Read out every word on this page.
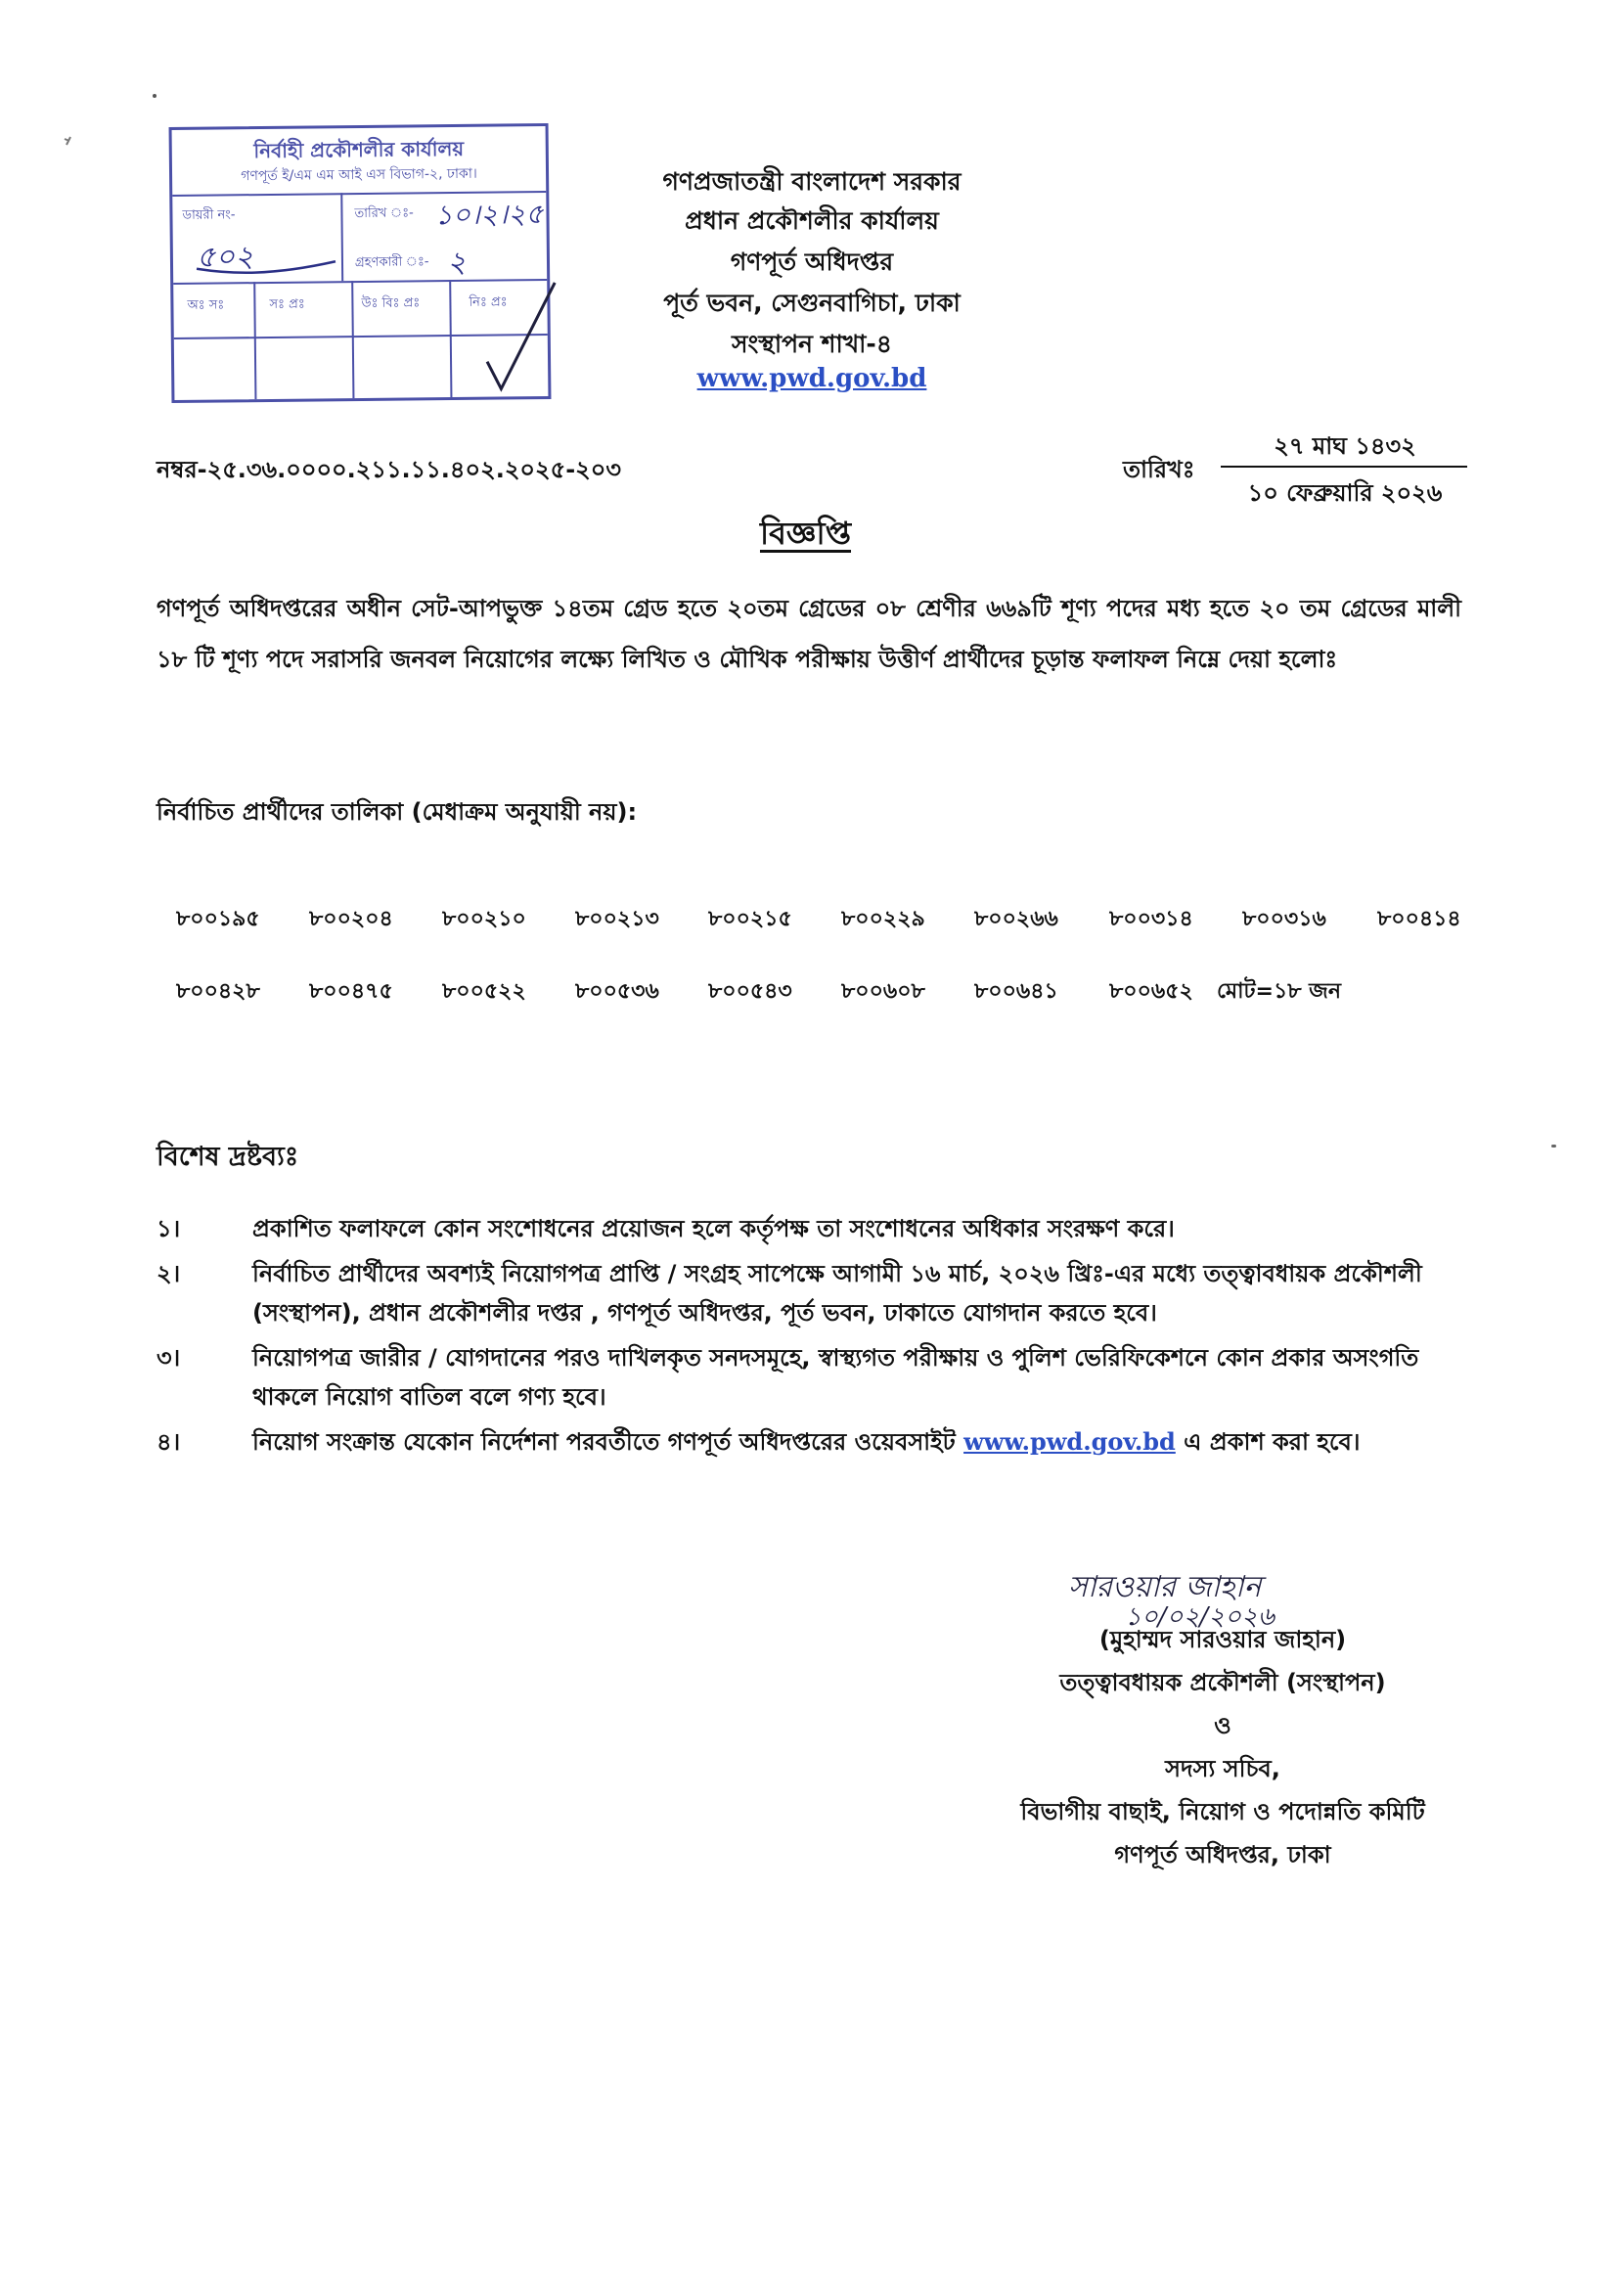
নির্বাহী প্রকৌশলীর কার্যালয়
গণপূর্ত ই/এম এম আই এস বিভাগ-২, ঢাকা।
ডায়রী নং-
৫০২
তারিখ ঃ- ১০।২।২৫
গ্রহণকারী ঃ- ২
অঃ সঃ	সঃ প্রঃ	উঃ বিঃ প্রঃ	নিঃ প্রঃ
গণপ্রজাতন্ত্রী বাংলাদেশ সরকার
প্রধান প্রকৌশলীর কার্যালয়
গণপূর্ত অধিদপ্তর
পূর্ত ভবন, সেগুনবাগিচা, ঢাকা
সংস্থাপন শাখা-৪
www.pwd.gov.bd
নম্বর-২৫.৩৬.০০০০.২১১.১১.৪০২.২০২৫-২০৩	তারিখঃ
২৭ মাঘ ১৪৩২
১০ ফেব্রুয়ারি ২০২৬
বিজ্ঞপ্তি
গণপূর্ত অধিদপ্তরের অধীন সেট-আপভুক্ত ১৪তম গ্রেড হতে ২০তম গ্রেডের ০৮ শ্রেণীর ৬৬৯টি শূণ্য পদের মধ্য হতে ২০ তম গ্রেডের মালী ১৮ টি শূণ্য পদে সরাসরি জনবল নিয়োগের লক্ষ্যে লিখিত ও মৌখিক পরীক্ষায় উত্তীর্ণ প্রার্থীদের চূড়ান্ত ফলাফল নিম্নে দেয়া হলোঃ
নির্বাচিত প্রার্থীদের তালিকা (মেধাক্রম অনুযায়ী নয়):
৮০০১৯৫	৮০০২০৪	৮০০২১০	৮০০২১৩	৮০০২১৫	৮০০২২৯	৮০০২৬৬	৮০০৩১৪	৮০০৩১৬	৮০০৪১৪
৮০০৪২৮	৮০০৪৭৫	৮০০৫২২	৮০০৫৩৬	৮০০৫৪৩	৮০০৬০৮	৮০০৬৪১	৮০০৬৫২	মোট=১৮ জন
বিশেষ দ্রষ্টব্যঃ
১।	প্রকাশিত ফলাফলে কোন সংশোধনের প্রয়োজন হলে কর্তৃপক্ষ তা সংশোধনের অধিকার সংরক্ষণ করে।
২।	নির্বাচিত প্রার্থীদের অবশ্যই নিয়োগপত্র প্রাপ্তি / সংগ্রহ সাপেক্ষে আগামী ১৬ মার্চ, ২০২৬ খ্রিঃ-এর মধ্যে তত্ত্বাবধায়ক প্রকৌশলী (সংস্থাপন), প্রধান প্রকৌশলীর দপ্তর , গণপূর্ত অধিদপ্তর, পূর্ত ভবন, ঢাকাতে যোগদান করতে হবে।
৩।	নিয়োগপত্র জারীর / যোগদানের পরও দাখিলকৃত সনদসমূহে, স্বাস্থ্যগত পরীক্ষায় ও পুলিশ ভেরিফিকেশনে কোন প্রকার অসংগতি থাকলে নিয়োগ বাতিল বলে গণ্য হবে।
৪।	নিয়োগ সংক্রান্ত যেকোন নির্দেশনা পরবর্তীতে গণপূর্ত অধিদপ্তরের ওয়েবসাইট www.pwd.gov.bd এ প্রকাশ করা হবে।
সারওয়ার জাহান
১০/০২/২০২৬
(মুহাম্মদ সারওয়ার জাহান)
তত্ত্বাবধায়ক প্রকৌশলী (সংস্থাপন)
ও
সদস্য সচিব,
বিভাগীয় বাছাই, নিয়োগ ও পদোন্নতি কমিটি
গণপূর্ত অধিদপ্তর, ঢাকা
